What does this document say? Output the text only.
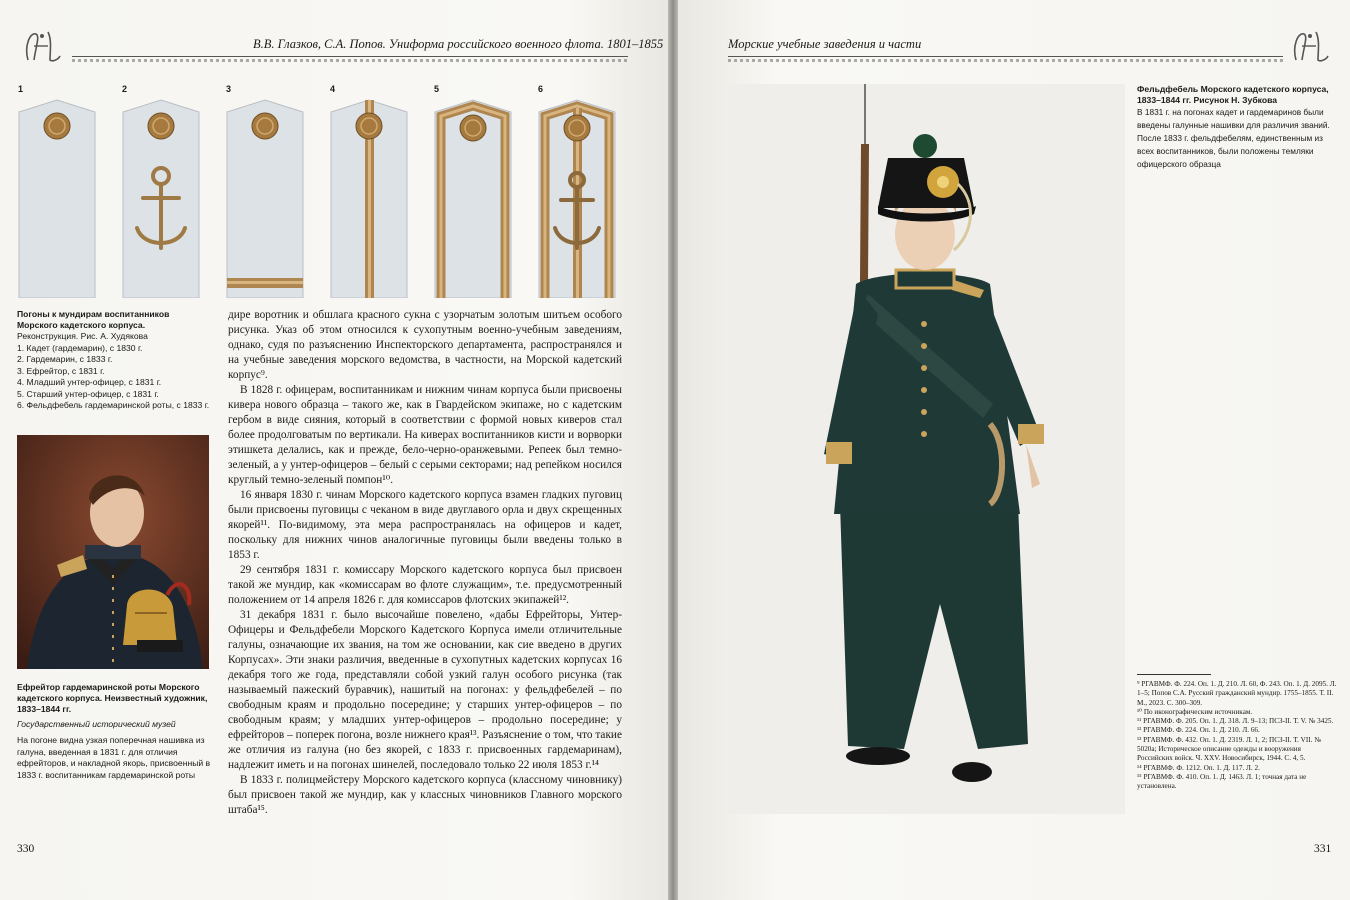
В.В. Глазков, С.А. Попов. Униформа российского военного флота. 1801–1855
1	2	3	4	5	6
Погоны к мундирам воспитанников Морского кадетского корпуса.
Реконструкция. Рис. А. Худякова
1. Кадет (гардемарин), с 1830 г.
2. Гардемарин, с 1833 г.
3. Ефрейтор, с 1831 г.
4. Младший унтер-офицер, с 1831 г.
5. Старший унтер-офицер, с 1831 г.
6. Фельдфебель гардемаринской роты, с 1833 г.
Ефрейтор гардемаринской роты Морского кадетского корпуса. Неизвестный художник, 1833–1844 гг.
Государственный исторический музей
На погоне видна узкая поперечная нашивка из галуна, введенная в 1831 г. для отличия ефрейторов, и накладной якорь, присвоенный в 1833 г. воспитанникам гардемаринской роты

дире воротник и обшлага красного сукна с узорчатым золотым шитьем особого рисунка. Указ об этом относился к сухопутным военно-учебным заведениям, однако, судя по разъяснению Инспекторского департамента, распространялся и на учебные заведения морского ведомства, в частности, на Морской кадетский корпус⁹.

В 1828 г. офицерам, воспитанникам и нижним чинам корпуса были присвоены кивера нового образца – такого же, как в Гвардейском экипаже, но с кадетским гербом в виде сияния, который в соответствии с формой новых киверов стал более продолговатым по вертикали. На киверах воспитанников кисти и ворворки этишкета делались, как и прежде, бело-черно-оранжевыми. Репеек был темно-зеленый, а у унтер-офицеров – белый с серыми секторами; над репейком носился круглый темно-зеленый помпон¹⁰.

16 января 1830 г. чинам Морского кадетского корпуса взамен гладких пуговиц были присвоены пуговицы с чеканом в виде двуглавого орла и двух скрещенных якорей¹¹. По-видимому, эта мера распространялась на офицеров и кадет, поскольку для нижних чинов аналогичные пуговицы были введены только в 1853 г.

29 сентября 1831 г. комиссару Морского кадетского корпуса был присвоен такой же мундир, как «комиссарам во флоте служащим», т.е. предусмотренный положением от 14 апреля 1826 г. для комиссаров флотских экипажей¹².

31 декабря 1831 г. было высочайше повелено, «дабы Ефрейторы, Унтер-Офицеры и Фельдфебели Морского Кадетского Корпуса имели отличительные галуны, означающие их звания, на том же основании, как сие введено в других Корпусах». Эти знаки различия, введенные в сухопутных кадетских корпусах 16 декабря того же года, представляли собой узкий галун особого рисунка (так называемый пажеский буравчик), нашитый на погонах: у фельдфебелей – по свободным краям и продольно посередине; у старших унтер-офицеров – по свободным краям; у младших унтер-офицеров – продольно посередине; у ефрейторов – поперек погона, возле нижнего края¹³. Разъяснение о том, что такие же отличия из галуна (но без якорей, с 1833 г. присвоенных гардемаринам), надлежит иметь и на погонах шинелей, последовало только 22 июля 1853 г.¹⁴

В 1833 г. полицмейстеру Морского кадетского корпуса (классному чиновнику) был присвоен такой же мундир, как у классных чиновников Главного морского штаба¹⁵.

330
Морские учебные заведения и части
Фельдфебель Морского кадетского корпуса, 1833–1844 гг. Рисунок Н. Зубкова
В 1831 г. на погонах кадет и гардемаринов были введены галунные нашивки для различия званий. После 1833 г. фельдфебелям, единственным из всех воспитанников, были положены темляки офицерского образца
⁹ РГАВМФ. Ф. 224. Оп. 1. Д. 210. Л. 60, Ф. 243. Оп. 1. Д. 2095. Л. 1–5; Попов С.А. Русский гражданский мундир. 1755–1855. Т. II. М., 2023. С. 300–309.
¹⁰ По иконографическим источникам.
¹¹ РГАВМФ. Ф. 205. Оп. 1. Д. 318. Л. 9–13; ПСЗ-II. Т. V. № 3425.
¹² РГАВМФ. Ф. 224. Оп. 1. Д. 210. Л. 66.
¹³ РГАВМФ. Ф. 432. Оп. 1. Д. 2319. Л. 1, 2; ПСЗ-II. Т. VII. № 5020а; Историческое описание одежды и вооружения Российских войск. Ч. XXV. Новосибирск, 1944. С. 4, 5.
¹⁴ РГАВМФ. Ф. 1212. Оп. 1. Д. 117. Л. 2.
¹⁵ РГАВМФ. Ф. 410. Оп. 1. Д. 1463. Л. 1; точная дата не установлена.
331
